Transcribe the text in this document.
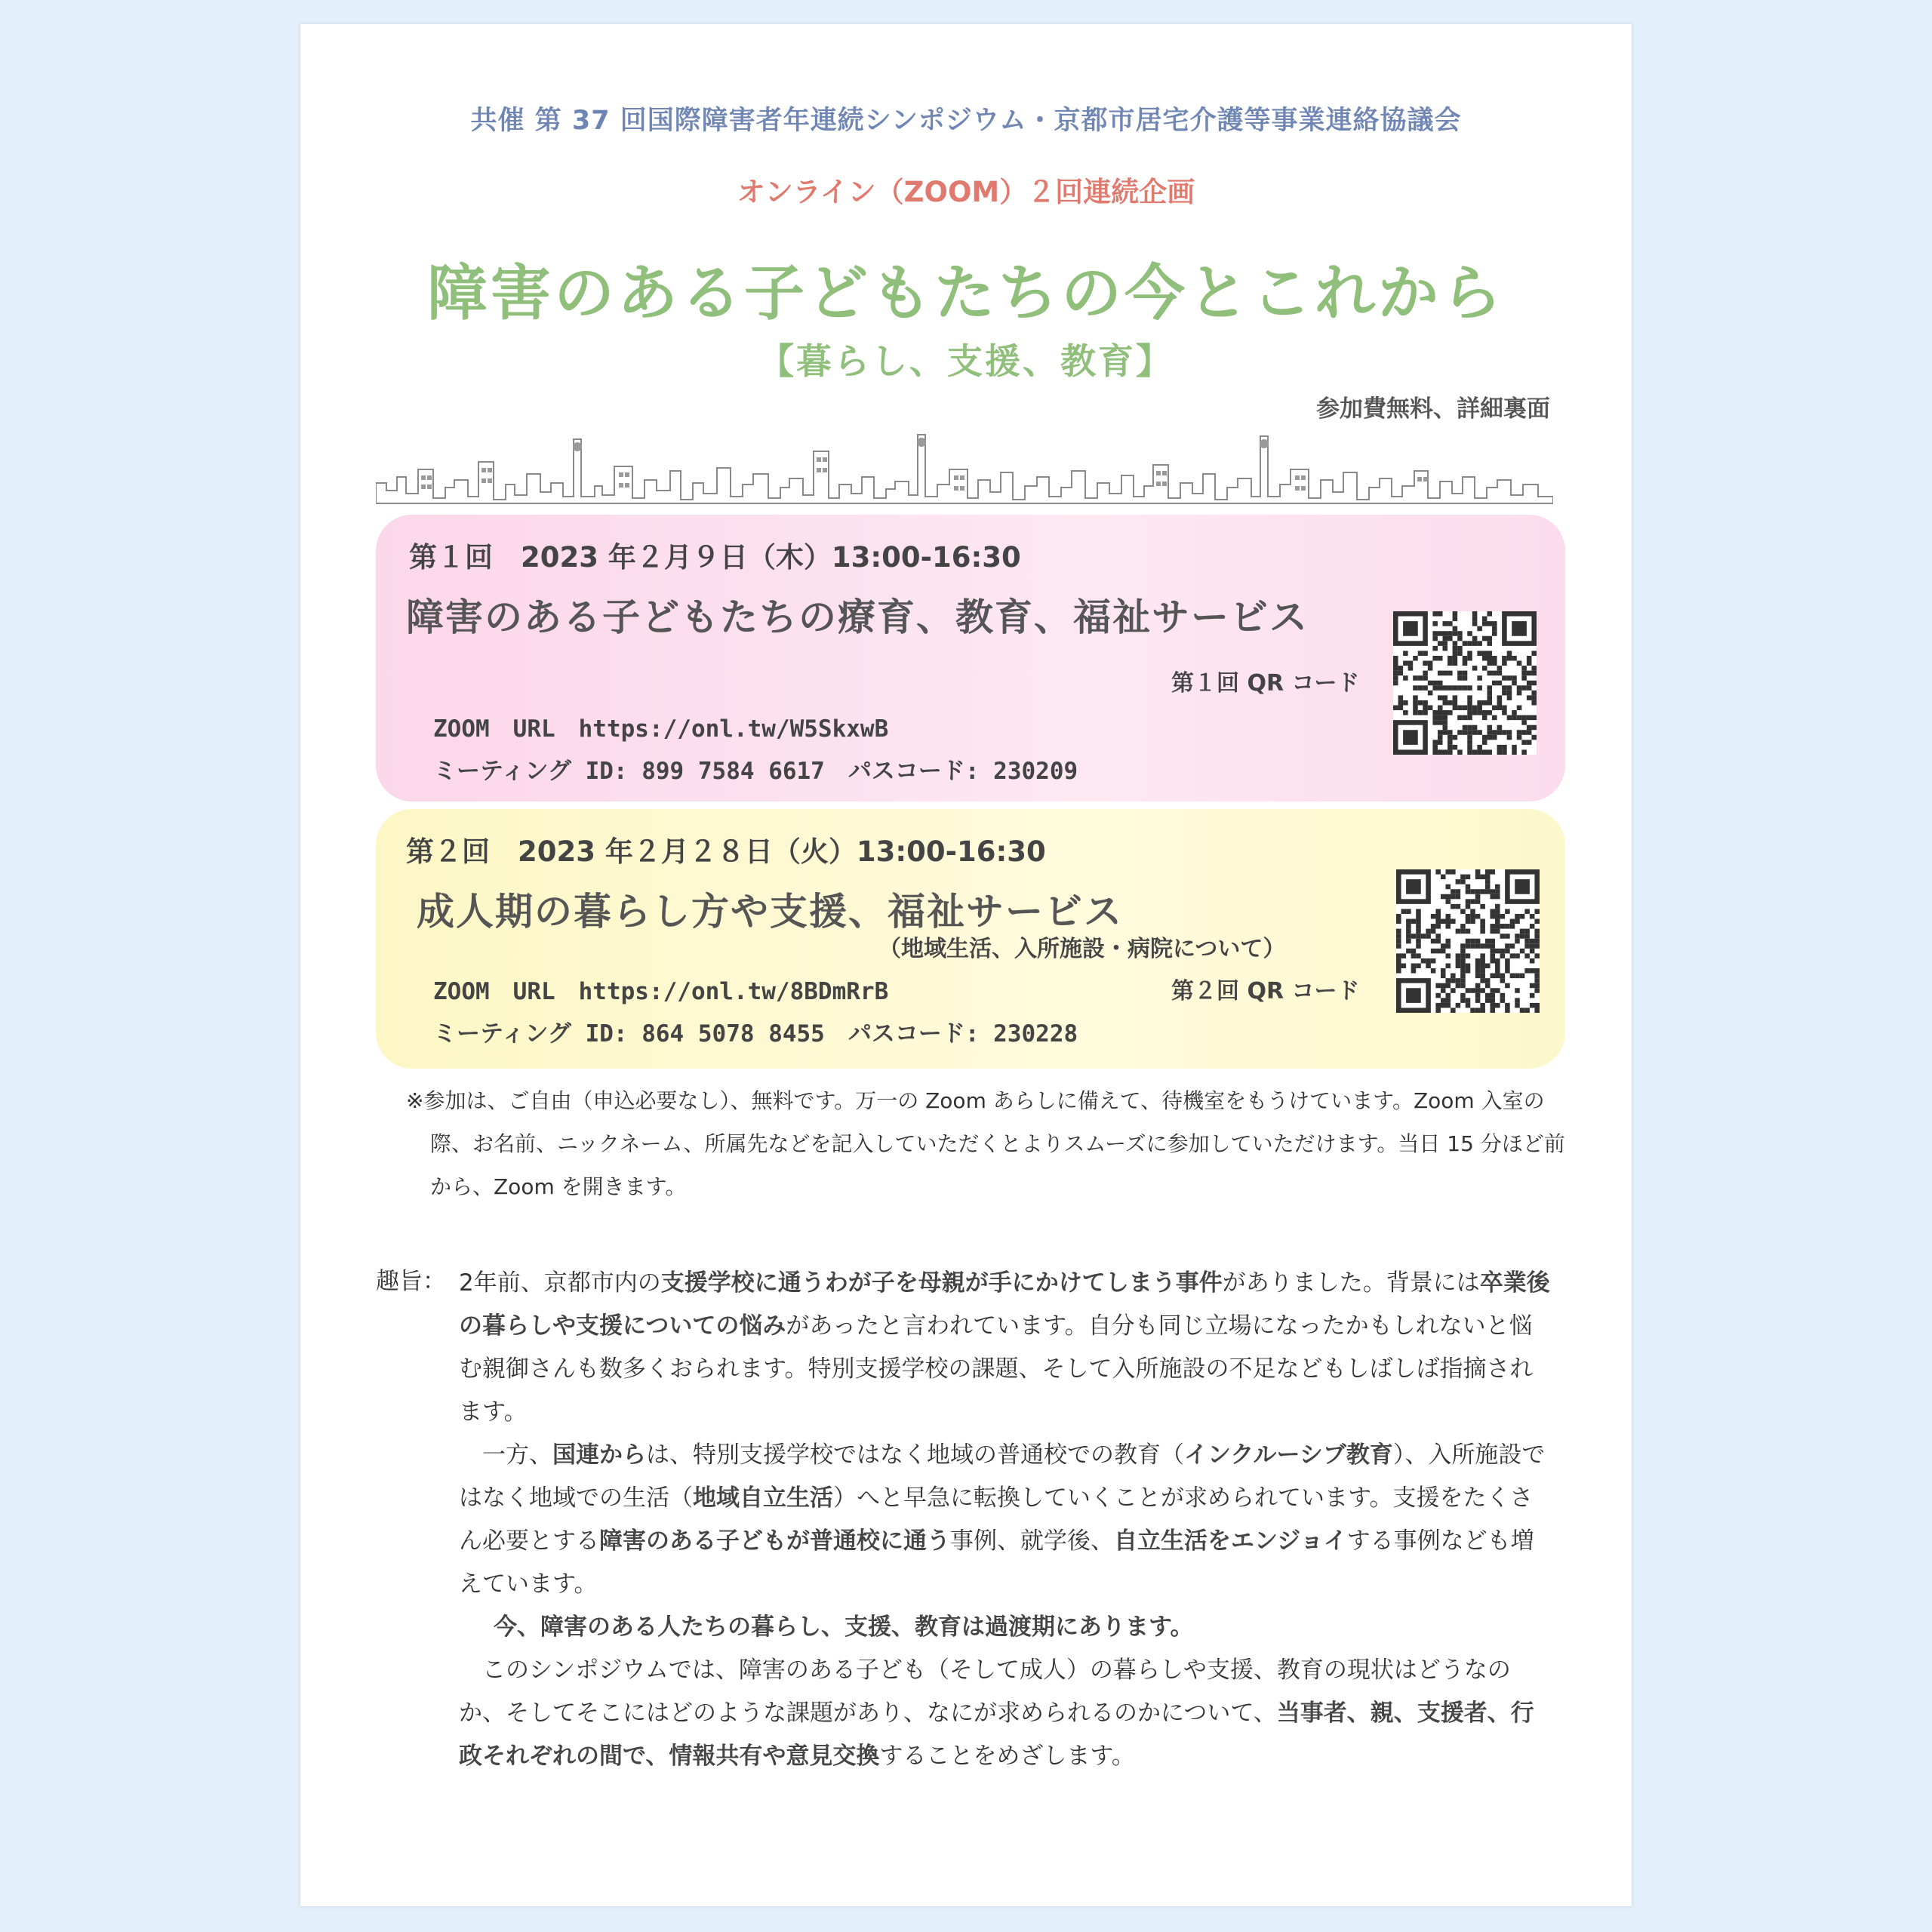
共催 第 37 回国際障害者年連続シンポジウム・京都市居宅介護等事業連絡協議会

オンライン（ZOOM）２回連続企画

障害のある子どもたちの今とこれから

【暮らし、支援、教育】

参加費無料、詳細裏面

第１回　2023 年２月９日（木）13:00-16:30

障害のある子どもたちの療育、教育、福祉サービス

第１回 QR コード

ZOOM　URL　https://onl.tw/W5SkxwB

ミーティング ID: 899 7584 6617　パスコード: 230209

第２回　2023 年２月２８日（火）13:00-16:30

成人期の暮らし方や支援、福祉サービス

（地域生活、入所施設・病院について）

第２回 QR コード

ZOOM　URL　https://onl.tw/8BDmRrB

ミーティング ID: 864 5078 8455　パスコード: 230228

※参加は、ご自由（申込必要なし）、無料です。万一の Zoom あらしに備えて、待機室をもうけています。Zoom 入室の

際、お名前、ニックネーム、所属先などを記入していただくとよりスムーズに参加していただけます。当日 15 分ほど前
から、Zoom を開きます。

趣旨： 2年前、京都市内の支援学校に通うわが子を母親が手にかけてしまう事件がありました。背景には卒業後の暮らしや支援についての悩みがあったと言われています。自分も同じ立場になったかもしれないと悩む親御さんも数多くおられます。特別支援学校の課題、そして入所施設の不足などもしばしば指摘されます。

一方、国連からは、特別支援学校ではなく地域の普通校での教育（インクルーシブ教育）、入所施設ではなく地域での生活（地域自立生活）へと早急に転換していくことが求められています。支援をたくさん必要とする障害のある子どもが普通校に通う事例、就学後、自立生活をエンジョイする事例なども増えています。

今、障害のある人たちの暮らし、支援、教育は過渡期にあります。

このシンポジウムでは、障害のある子ども（そして成人）の暮らしや支援、教育の現状はどうなのか、そしてそこにはどのような課題があり、なにが求められるのかについて、当事者、親、支援者、行政それぞれの間で、情報共有や意見交換することをめざします。
